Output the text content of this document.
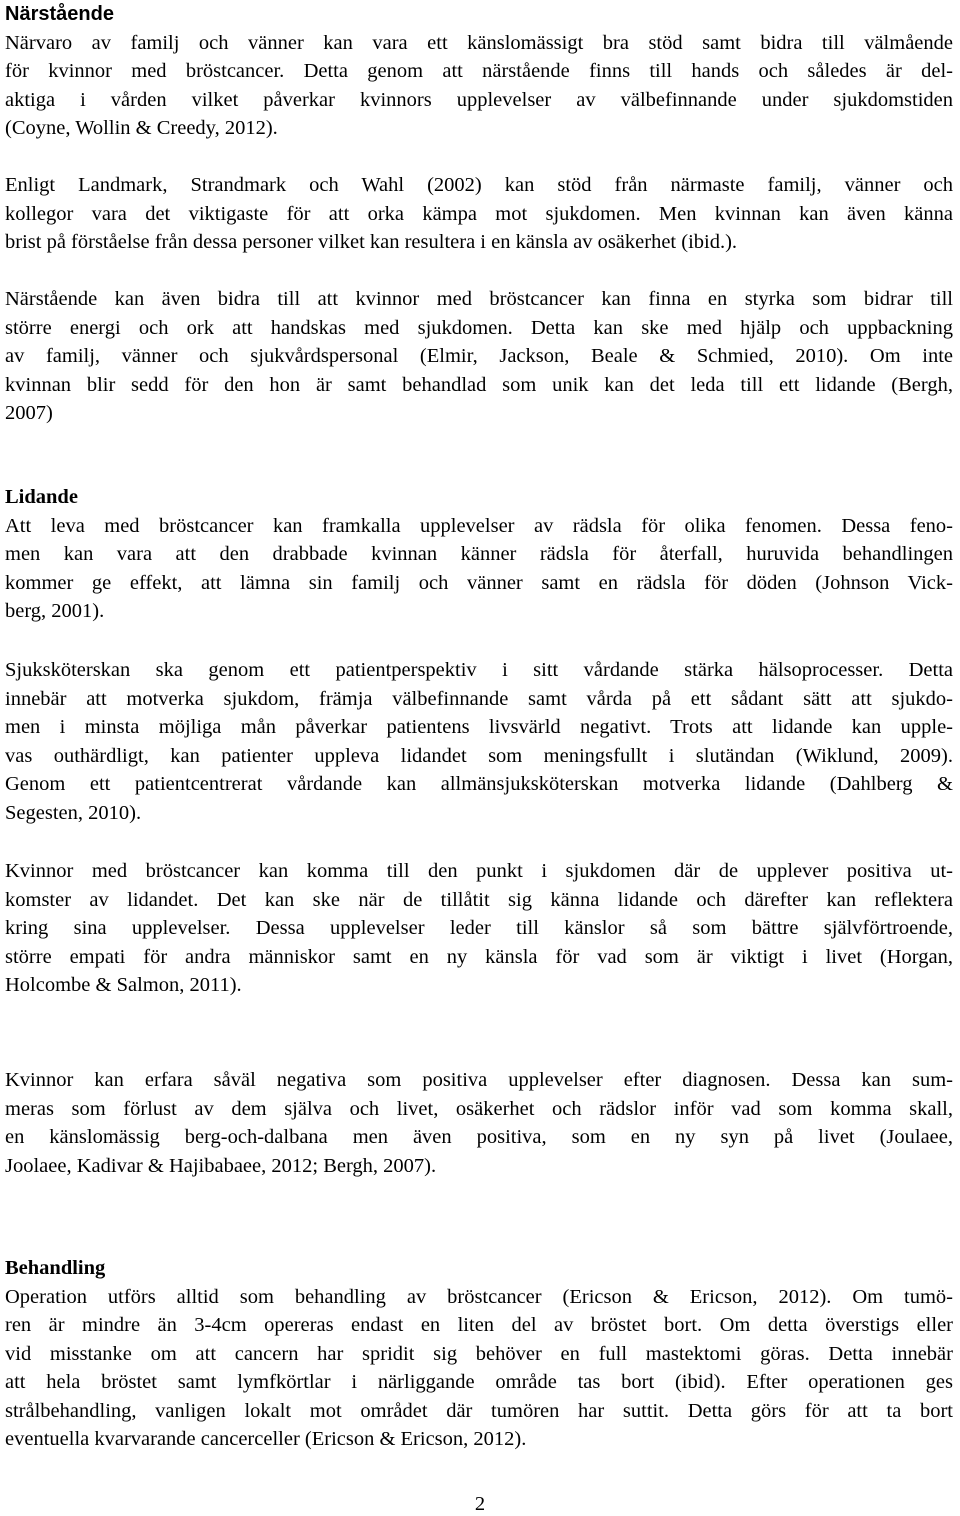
Närstående
Närvaro av familj och vänner kan vara ett känslomässigt bra stöd samt bidra till välmående
för kvinnor med bröstcancer. Detta genom att närstående finns till hands och således är del-
aktiga i vården vilket påverkar kvinnors upplevelser av välbefinnande under sjukdomstiden
(Coyne, Wollin & Creedy, 2012).
Enligt Landmark, Strandmark och Wahl (2002) kan stöd från närmaste familj, vänner och
kollegor vara det viktigaste för att orka kämpa mot sjukdomen. Men kvinnan kan även känna
brist på förståelse från dessa personer vilket kan resultera i en känsla av osäkerhet (ibid.).
Närstående kan även bidra till att kvinnor med bröstcancer kan finna en styrka som bidrar till
större energi och ork att handskas med sjukdomen. Detta kan ske med hjälp och uppbackning
av familj, vänner och sjukvårdspersonal (Elmir, Jackson, Beale & Schmied, 2010). Om inte
kvinnan blir sedd för den hon är samt behandlad som unik kan det leda till ett lidande (Bergh,
2007)
Lidande
Att leva med bröstcancer kan framkalla upplevelser av rädsla för olika fenomen. Dessa feno-
men kan vara att den drabbade kvinnan känner rädsla för återfall, huruvida behandlingen
kommer ge effekt, att lämna sin familj och vänner samt en rädsla för döden (Johnson Vick-
berg, 2001).
Sjuksköterskan ska genom ett patientperspektiv i sitt vårdande stärka hälsoprocesser. Detta
innebär att motverka sjukdom, främja välbefinnande samt vårda på ett sådant sätt att sjukdo-
men i minsta möjliga mån påverkar patientens livsvärld negativt. Trots att lidande kan upple-
vas outhärdligt, kan patienter uppleva lidandet som meningsfullt i slutändan (Wiklund, 2009).
Genom ett patientcentrerat vårdande kan allmänsjuksköterskan motverka lidande (Dahlberg &
Segesten, 2010).
Kvinnor med bröstcancer kan komma till den punkt i sjukdomen där de upplever positiva ut-
komster av lidandet. Det kan ske när de tillåtit sig känna lidande och därefter kan reflektera
kring sina upplevelser. Dessa upplevelser leder till känslor så som bättre självförtroende,
större empati för andra människor samt en ny känsla för vad som är viktigt i livet (Horgan,
Holcombe & Salmon, 2011).
Kvinnor kan erfara såväl negativa som positiva upplevelser efter diagnosen. Dessa kan sum-
meras som förlust av dem själva och livet, osäkerhet och rädslor inför vad som komma skall,
en känslomässig berg-och-dalbana men även positiva, som en ny syn på livet (Joulaee,
Joolaee, Kadivar & Hajibabaee, 2012; Bergh, 2007).
Behandling
Operation utförs alltid som behandling av bröstcancer (Ericson & Ericson, 2012). Om tumö-
ren är mindre än 3-4cm opereras endast en liten del av bröstet bort. Om detta överstigs eller
vid misstanke om att cancern har spridit sig behöver en full mastektomi göras. Detta innebär
att hela bröstet samt lymfkörtlar i närliggande område tas bort (ibid). Efter operationen ges
strålbehandling, vanligen lokalt mot området där tumören har suttit. Detta görs för att ta bort
eventuella kvarvarande cancerceller (Ericson & Ericson, 2012).
2
